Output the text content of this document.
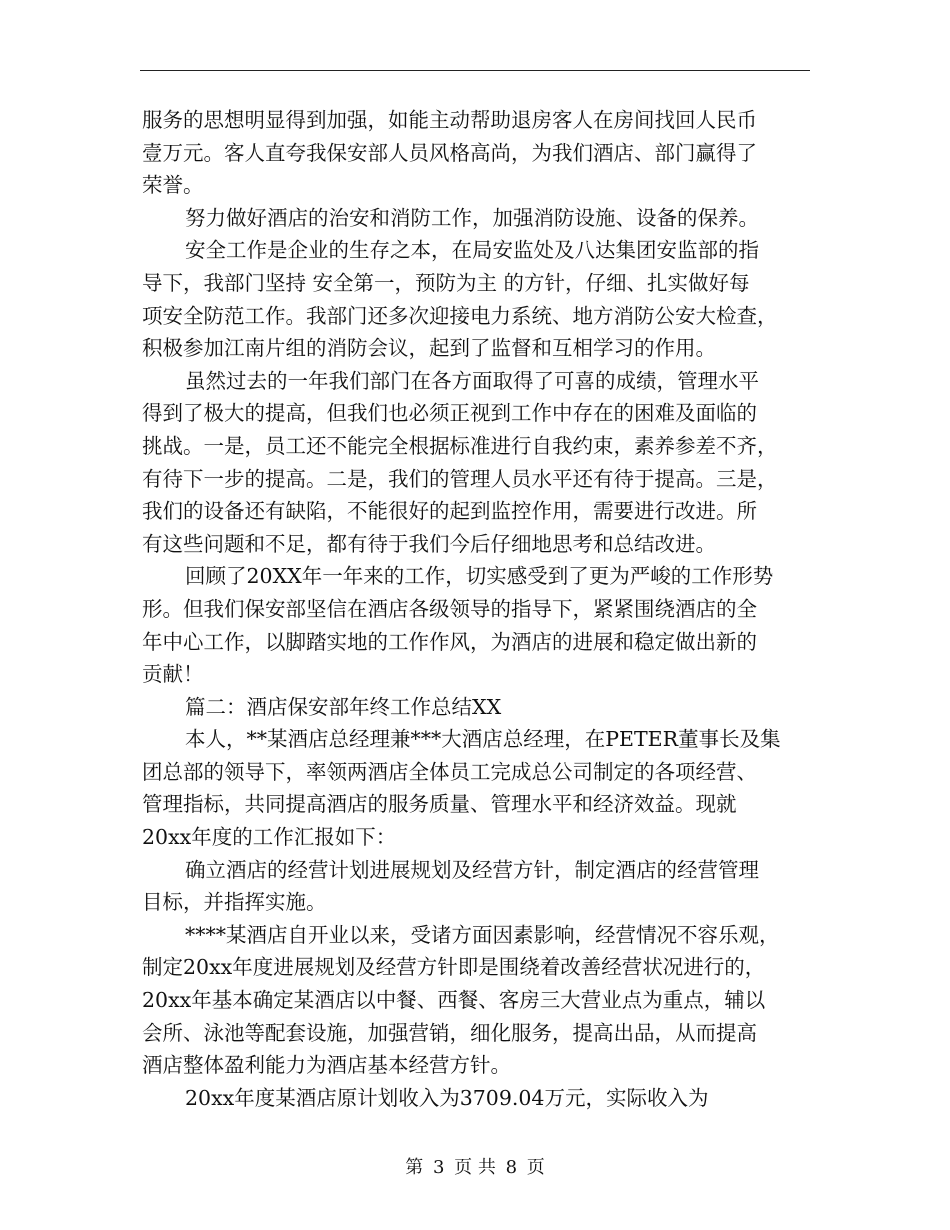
服务的思想明显得到加强，如能主动帮助退房客人在房间找回人民币
壹万元。客人直夸我保安部人员风格高尚，为我们酒店、部门赢得了
荣誉。
努力做好酒店的治安和消防工作，加强消防设施、设备的保养。
安全工作是企业的生存之本，在局安监处及八达集团安监部的指
导下，我部门坚持 安全第一，预防为主 的方针，仔细、扎实做好每
项安全防范工作。我部门还多次迎接电力系统、地方消防公安大检查，
积极参加江南片组的消防会议，起到了监督和互相学习的作用。
虽然过去的一年我们部门在各方面取得了可喜的成绩，管理水平
得到了极大的提高，但我们也必须正视到工作中存在的困难及面临的
挑战。一是，员工还不能完全根据标准进行自我约束，素养参差不齐，
有待下一步的提高。二是，我们的管理人员水平还有待于提高。三是，
我们的设备还有缺陷，不能很好的起到监控作用，需要进行改进。所
有这些问题和不足，都有待于我们今后仔细地思考和总结改进。
回顾了20XX年一年来的工作，切实感受到了更为严峻的工作形势
形。但我们保安部坚信在酒店各级领导的指导下，紧紧围绕酒店的全
年中心工作，以脚踏实地的工作作风，为酒店的进展和稳定做出新的
贡献！
篇二：酒店保安部年终工作总结XX
本人，**某酒店总经理兼***大酒店总经理，在PETER董事长及集
团总部的领导下，率领两酒店全体员工完成总公司制定的各项经营、
管理指标，共同提高酒店的服务质量、管理水平和经济效益。现就
20xx年度的工作汇报如下：
确立酒店的经营计划进展规划及经营方针，制定酒店的经营管理
目标，并指挥实施。
****某酒店自开业以来，受诸方面因素影响，经营情况不容乐观，
制定20xx年度进展规划及经营方针即是围绕着改善经营状况进行的，
20xx年基本确定某酒店以中餐、西餐、客房三大营业点为重点，辅以
会所、泳池等配套设施，加强营销，细化服务，提高出品，从而提高
酒店整体盈利能力为酒店基本经营方针。
20xx年度某酒店原计划收入为3709.04万元，实际收入为
第 3 页 共 8 页
